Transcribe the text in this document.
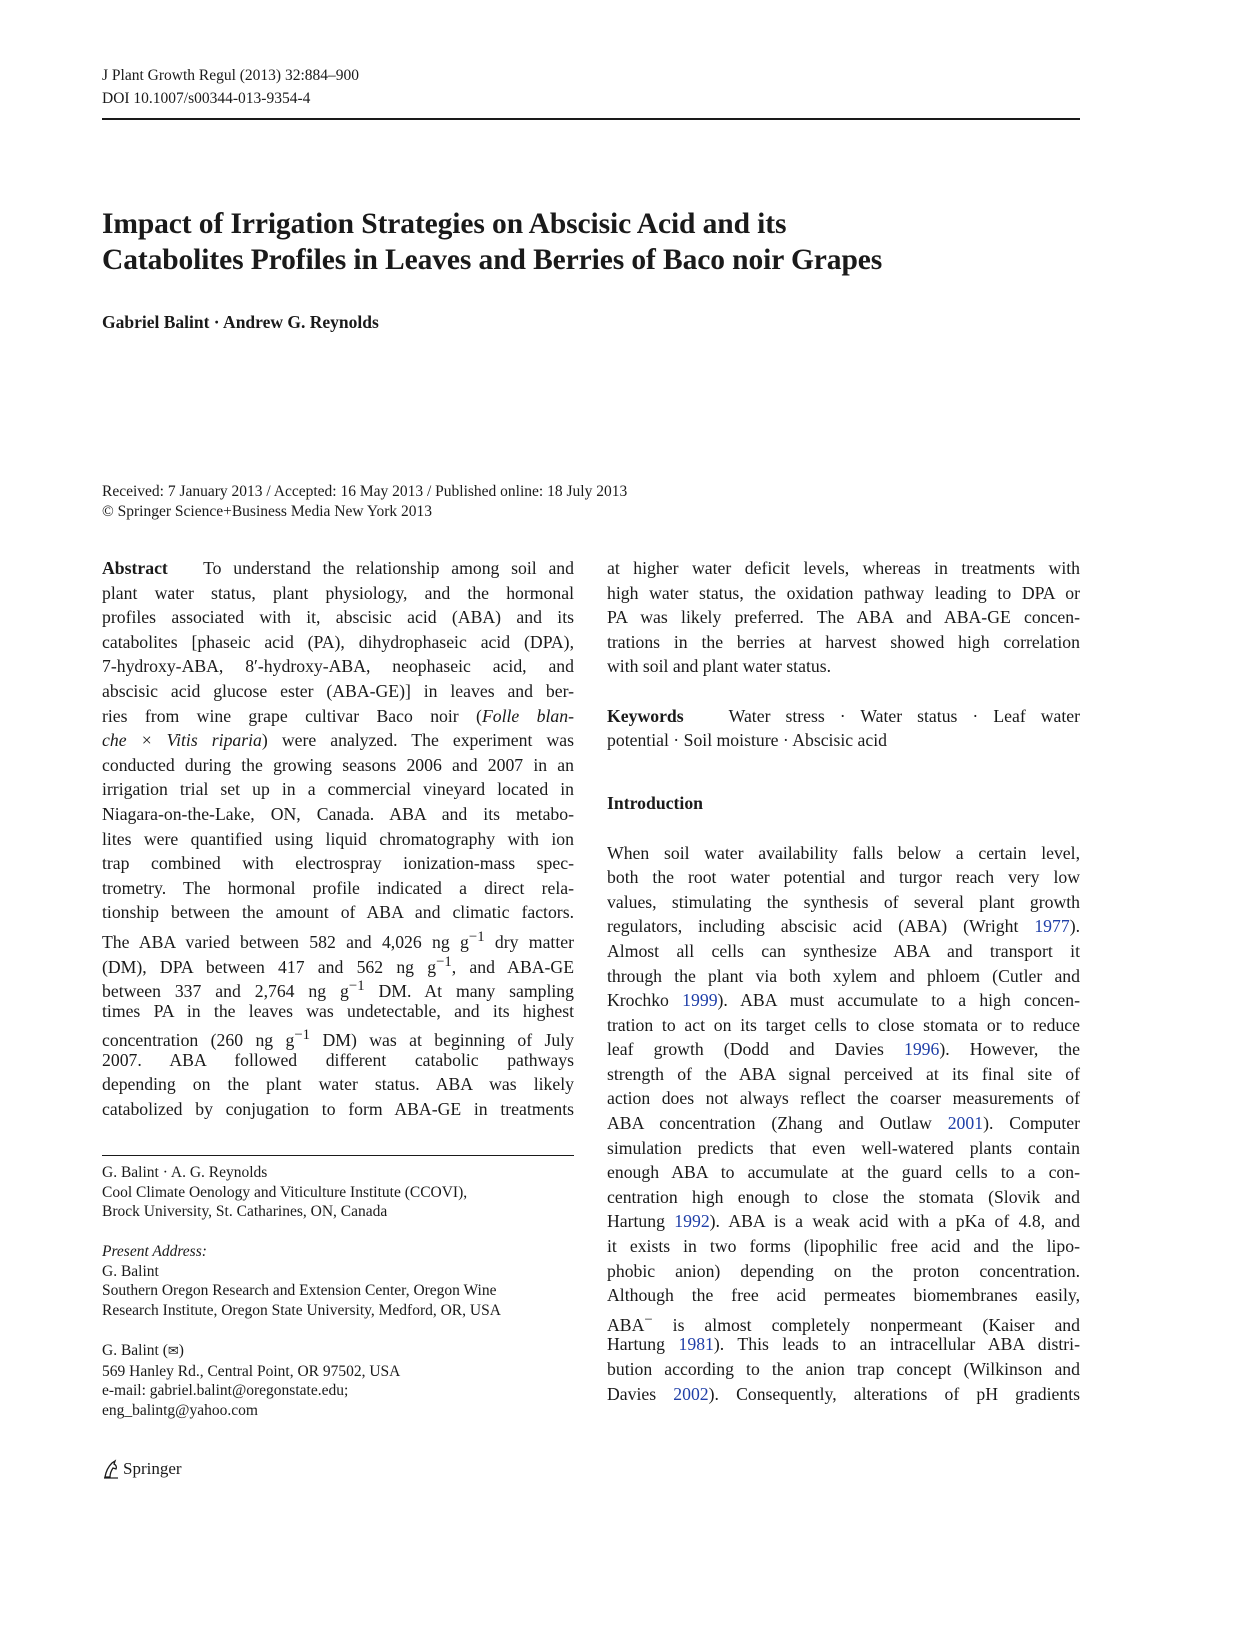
J Plant Growth Regul (2013) 32:884–900
DOI 10.1007/s00344-013-9354-4
Impact of Irrigation Strategies on Abscisic Acid and its
Catabolites Profiles in Leaves and Berries of Baco noir Grapes
Gabriel Balint · Andrew G. Reynolds
Received: 7 January 2013 / Accepted: 16 May 2013 / Published online: 18 July 2013
© Springer Science+Business Media New York 2013
Abstract To understand the relationship among soil and
plant water status, plant physiology, and the hormonal
profiles associated with it, abscisic acid (ABA) and its
catabolites [phaseic acid (PA), dihydrophaseic acid (DPA),
7-hydroxy-ABA, 8′-hydroxy-ABA, neophaseic acid, and
abscisic acid glucose ester (ABA-GE)] in leaves and ber-
ries from wine grape cultivar Baco noir (Folle blan-
che × Vitis riparia) were analyzed. The experiment was
conducted during the growing seasons 2006 and 2007 in an
irrigation trial set up in a commercial vineyard located in
Niagara-on-the-Lake, ON, Canada. ABA and its metabo-
lites were quantified using liquid chromatography with ion
trap combined with electrospray ionization-mass spec-
trometry. The hormonal profile indicated a direct rela-
tionship between the amount of ABA and climatic factors.
The ABA varied between 582 and 4,026 ng $g^{-1}$ dry matter
(DM), DPA between 417 and 562 ng $g^{-1}$, and ABA-GE
between 337 and 2,764 ng $g^{-1}$ DM. At many sampling
times PA in the leaves was undetectable, and its highest
concentration (260 ng $g^{-1}$ DM) was at beginning of July
2007. ABA followed different catabolic pathways
depending on the plant water status. ABA was likely
catabolized by conjugation to form ABA-GE in treatments
G. Balint · A. G. Reynolds
Cool Climate Oenology and Viticulture Institute (CCOVI),
Brock University, St. Catharines, ON, Canada
Present Address:
G. Balint
Southern Oregon Research and Extension Center, Oregon Wine
Research Institute, Oregon State University, Medford, OR, USA
G. Balint (✉)
569 Hanley Rd., Central Point, OR 97502, USA
e-mail: gabriel.balint@oregonstate.edu;
eng_balintg@yahoo.com
Springer
at higher water deficit levels, whereas in treatments with
high water status, the oxidation pathway leading to DPA or
PA was likely preferred. The ABA and ABA-GE concen-
trations in the berries at harvest showed high correlation
with soil and plant water status.
Keywords	Water stress · Water status · Leaf water
potential · Soil moisture · Abscisic acid
Introduction
When soil water availability falls below a certain level,
both the root water potential and turgor reach very low
values, stimulating the synthesis of several plant growth
regulators, including abscisic acid (ABA) (Wright 1977).
Almost all cells can synthesize ABA and transport it
through the plant via both xylem and phloem (Cutler and
Krochko 1999). ABA must accumulate to a high concen-
tration to act on its target cells to close stomata or to reduce
leaf growth (Dodd and Davies 1996). However, the
strength of the ABA signal perceived at its final site of
action does not always reflect the coarser measurements of
ABA concentration (Zhang and Outlaw 2001). Computer
simulation predicts that even well-watered plants contain
enough ABA to accumulate at the guard cells to a con-
centration high enough to close the stomata (Slovik and
Hartung 1992). ABA is a weak acid with a pKa of 4.8, and
it exists in two forms (lipophilic free acid and the lipo-
phobic anion) depending on the proton concentration.
Although the free acid permeates biomembranes easily,
ABA− is almost completely nonpermeant (Kaiser and
Hartung 1981). This leads to an intracellular ABA distri-
bution according to the anion trap concept (Wilkinson and
Davies 2002). Consequently, alterations of pH gradients
